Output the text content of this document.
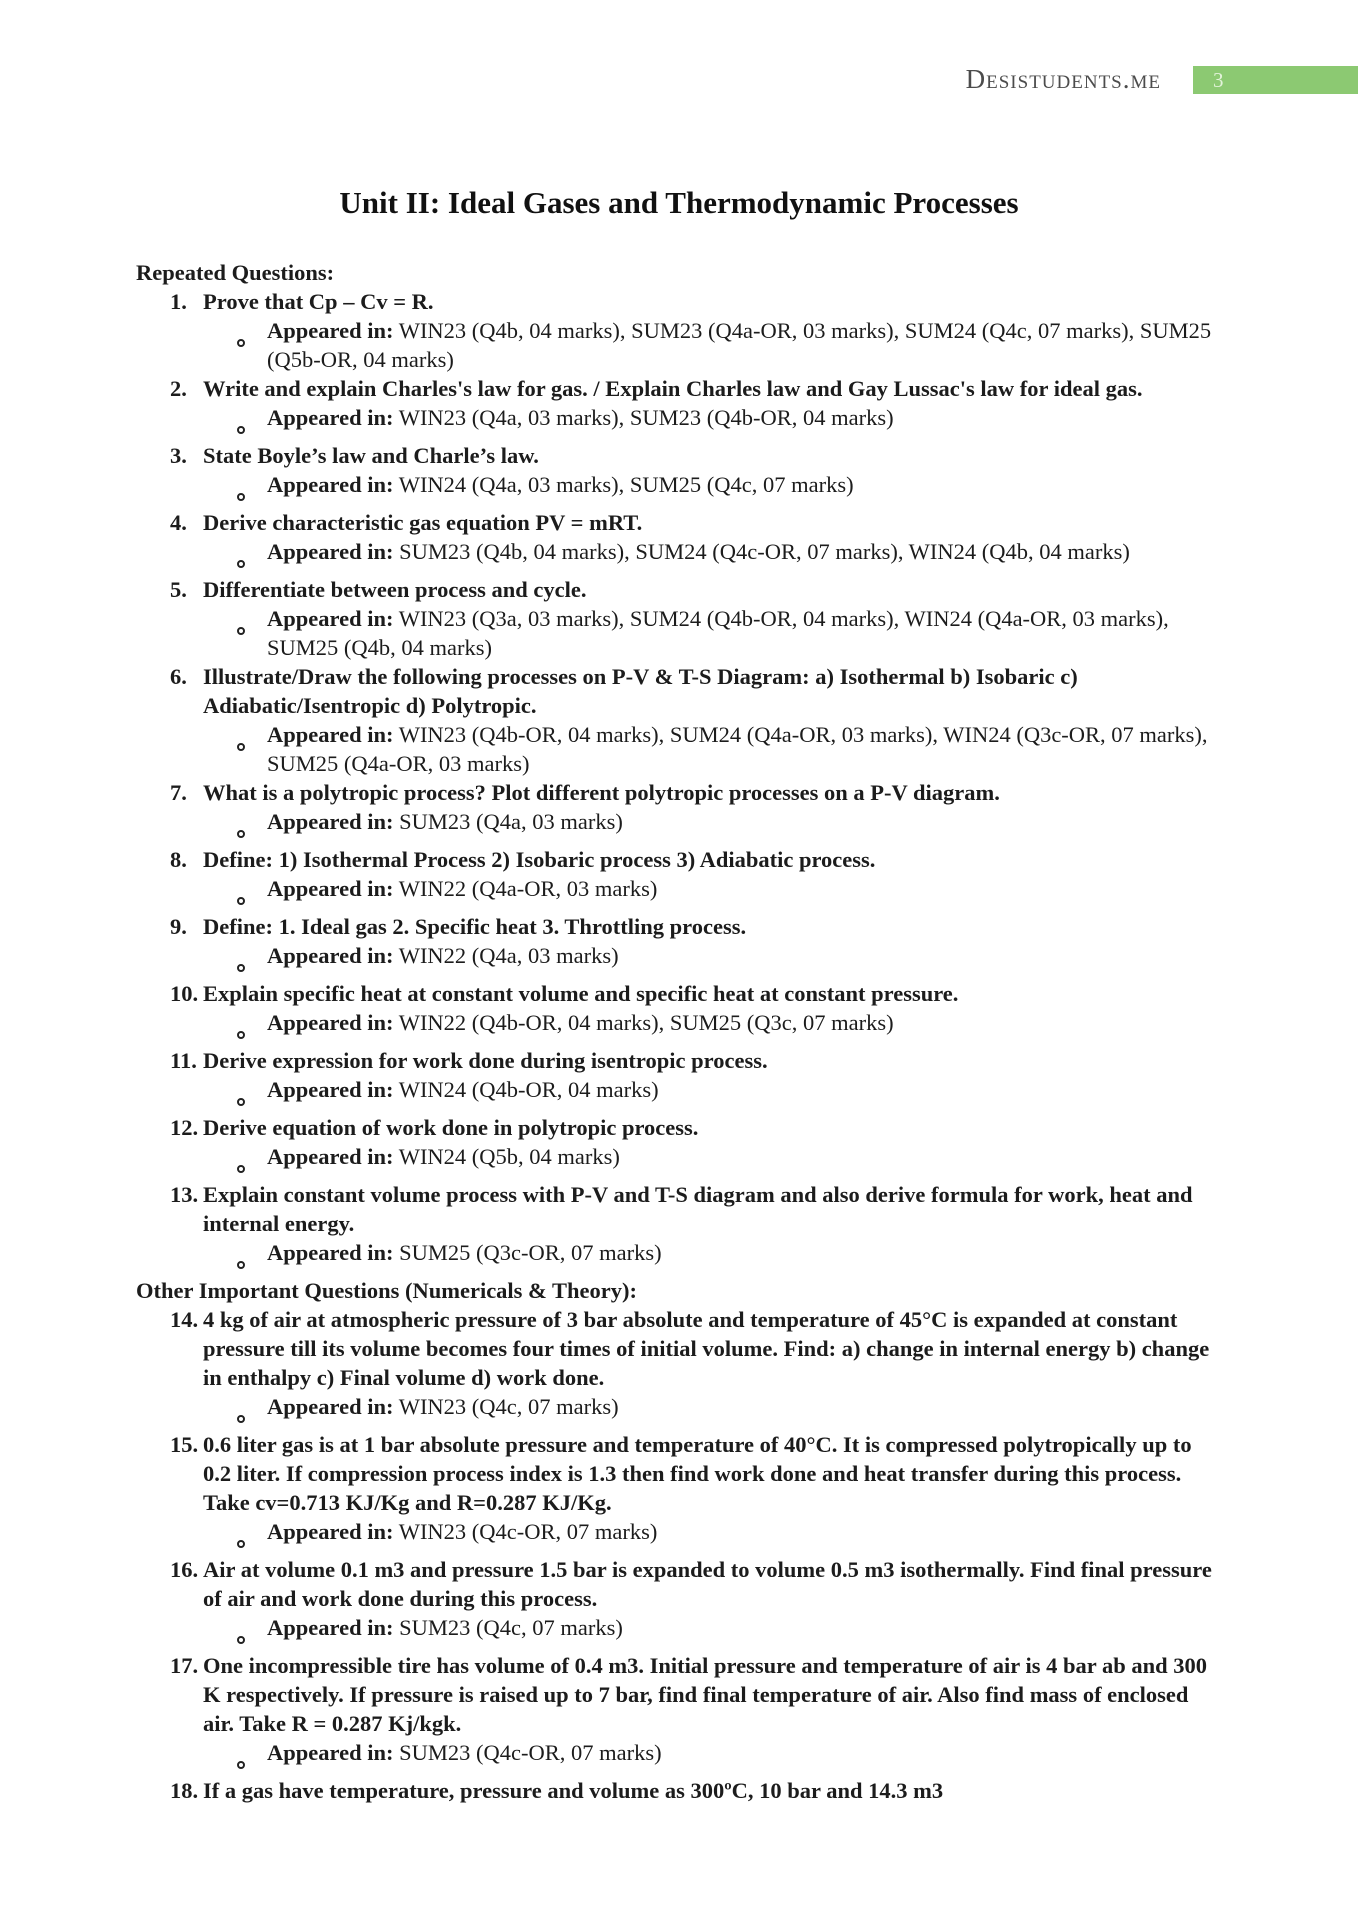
Desistudents.me	3
Unit II: Ideal Gases and Thermodynamic Processes
Repeated Questions:
1. Prove that Cp – Cv = R.
Appeared in: WIN23 (Q4b, 04 marks), SUM23 (Q4a-OR, 03 marks), SUM24 (Q4c, 07 marks), SUM25 (Q5b-OR, 04 marks)
2. Write and explain Charles's law for gas. / Explain Charles law and Gay Lussac's law for ideal gas.
Appeared in: WIN23 (Q4a, 03 marks), SUM23 (Q4b-OR, 04 marks)
3. State Boyle’s law and Charle’s law.
Appeared in: WIN24 (Q4a, 03 marks), SUM25 (Q4c, 07 marks)
4. Derive characteristic gas equation PV = mRT.
Appeared in: SUM23 (Q4b, 04 marks), SUM24 (Q4c-OR, 07 marks), WIN24 (Q4b, 04 marks)
5. Differentiate between process and cycle.
Appeared in: WIN23 (Q3a, 03 marks), SUM24 (Q4b-OR, 04 marks), WIN24 (Q4a-OR, 03 marks), SUM25 (Q4b, 04 marks)
6. Illustrate/Draw the following processes on P-V & T-S Diagram: a) Isothermal b) Isobaric c) Adiabatic/Isentropic d) Polytropic.
Appeared in: WIN23 (Q4b-OR, 04 marks), SUM24 (Q4a-OR, 03 marks), WIN24 (Q3c-OR, 07 marks), SUM25 (Q4a-OR, 03 marks)
7. What is a polytropic process? Plot different polytropic processes on a P-V diagram.
Appeared in: SUM23 (Q4a, 03 marks)
8. Define: 1) Isothermal Process 2) Isobaric process 3) Adiabatic process.
Appeared in: WIN22 (Q4a-OR, 03 marks)
9. Define: 1. Ideal gas 2. Specific heat 3. Throttling process.
Appeared in: WIN22 (Q4a, 03 marks)
10. Explain specific heat at constant volume and specific heat at constant pressure.
Appeared in: WIN22 (Q4b-OR, 04 marks), SUM25 (Q3c, 07 marks)
11. Derive expression for work done during isentropic process.
Appeared in: WIN24 (Q4b-OR, 04 marks)
12. Derive equation of work done in polytropic process.
Appeared in: WIN24 (Q5b, 04 marks)
13. Explain constant volume process with P-V and T-S diagram and also derive formula for work, heat and internal energy.
Appeared in: SUM25 (Q3c-OR, 07 marks)
Other Important Questions (Numericals & Theory):
14. 4 kg of air at atmospheric pressure of 3 bar absolute and temperature of 45°C is expanded at constant pressure till its volume becomes four times of initial volume. Find: a) change in internal energy b) change in enthalpy c) Final volume d) work done.
Appeared in: WIN23 (Q4c, 07 marks)
15. 0.6 liter gas is at 1 bar absolute pressure and temperature of 40°C. It is compressed polytropically up to 0.2 liter. If compression process index is 1.3 then find work done and heat transfer during this process. Take cv=0.713 KJ/Kg and R=0.287 KJ/Kg.
Appeared in: WIN23 (Q4c-OR, 07 marks)
16. Air at volume 0.1 m3 and pressure 1.5 bar is expanded to volume 0.5 m3 isothermally. Find final pressure of air and work done during this process.
Appeared in: SUM23 (Q4c, 07 marks)
17. One incompressible tire has volume of 0.4 m3. Initial pressure and temperature of air is 4 bar ab and 300 K respectively. If pressure is raised up to 7 bar, find final temperature of air. Also find mass of enclosed air. Take R = 0.287 Kj/kgk.
Appeared in: SUM23 (Q4c-OR, 07 marks)
18. If a gas have temperature, pressure and volume as 300ºC, 10 bar and 14.3 m3
